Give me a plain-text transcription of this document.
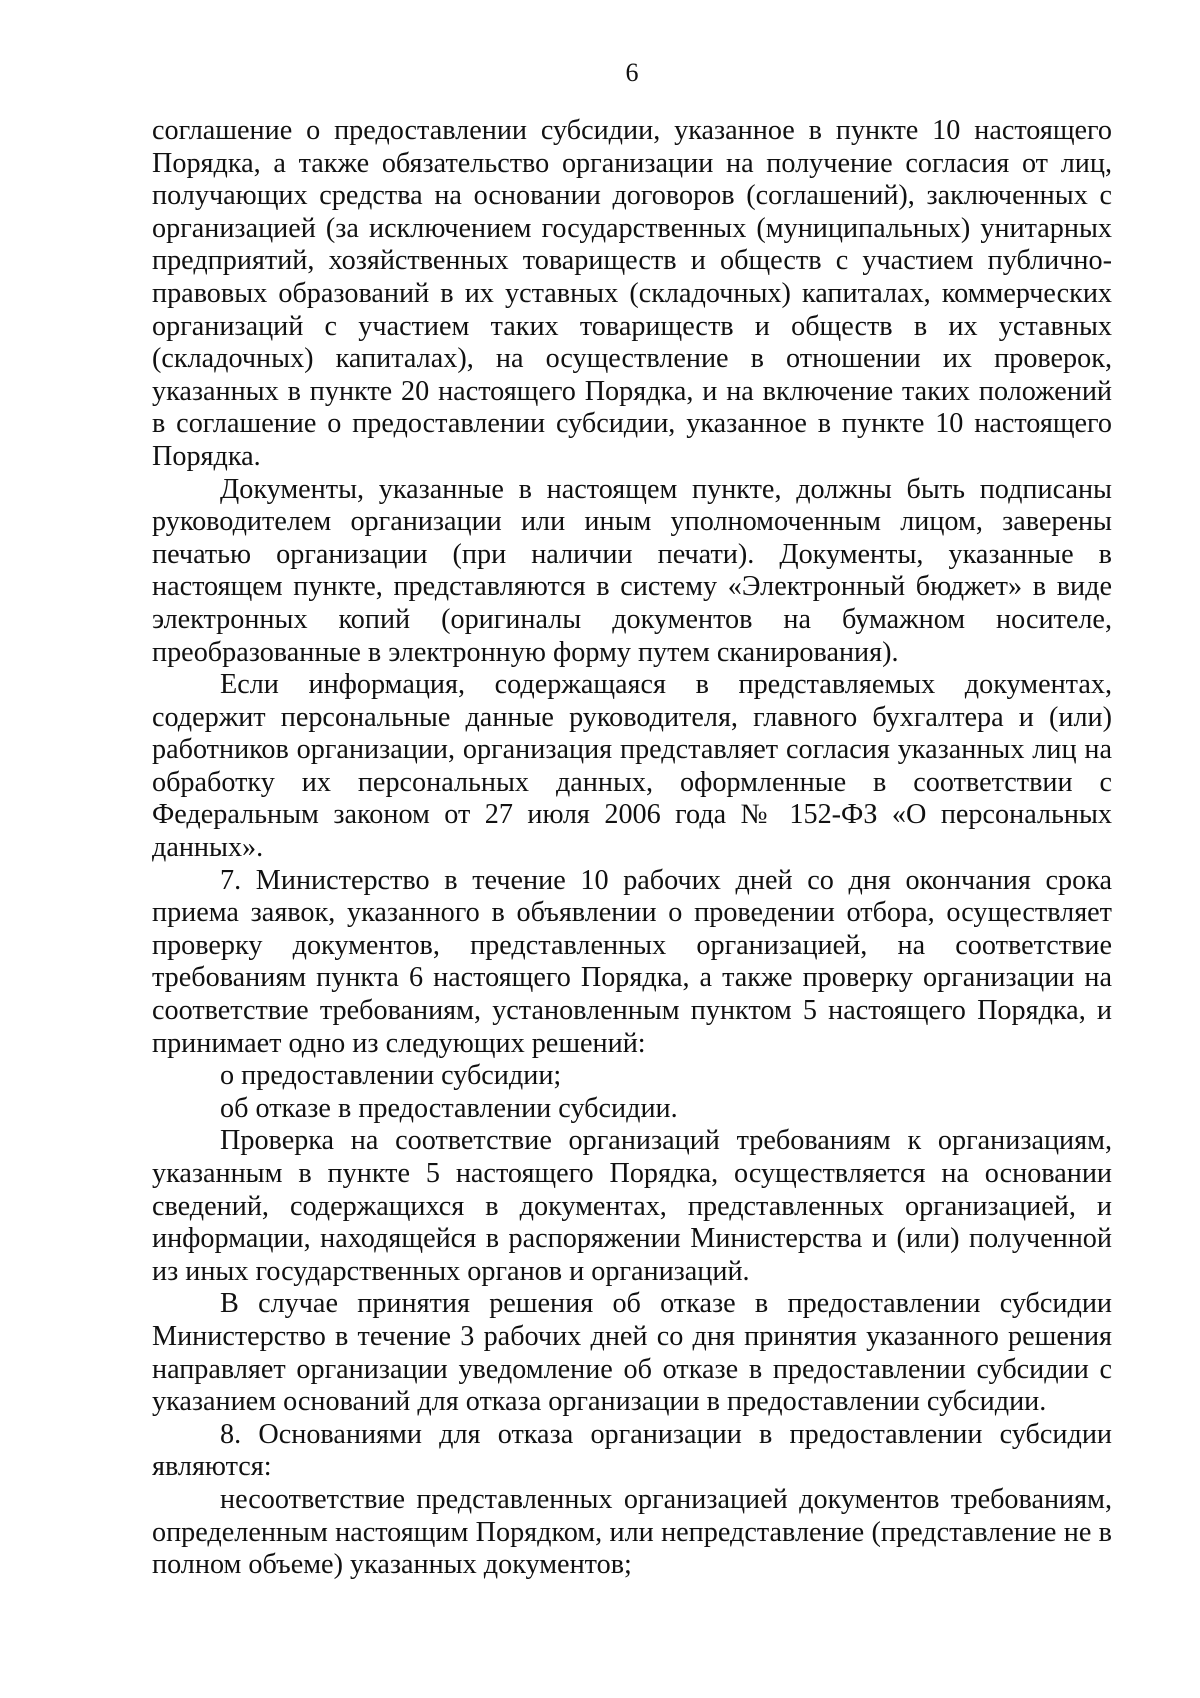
6

соглашение о предоставлении субсидии, указанное в пункте 10 настоящего Порядка, а также обязательство организации на получение согласия от лиц, получающих средства на основании договоров (соглашений), заключенных с организацией (за исключением государственных (муниципальных) унитарных предприятий, хозяйственных товариществ и обществ с участием публично-правовых образований в их уставных (складочных) капиталах, коммерческих организаций с участием таких товариществ и обществ в их уставных (складочных) капиталах), на осуществление в отношении их проверок, указанных в пункте 20 настоящего Порядка, и на включение таких положений в соглашение о предоставлении субсидии, указанное в пункте 10 настоящего Порядка.

Документы, указанные в настоящем пункте, должны быть подписаны руководителем организации или иным уполномоченным лицом, заверены печатью организации (при наличии печати). Документы, указанные в настоящем пункте, представляются в систему «Электронный бюджет» в виде электронных копий (оригиналы документов на бумажном носителе, преобразованные в электронную форму путем сканирования).

Если информация, содержащаяся в представляемых документах, содержит персональные данные руководителя, главного бухгалтера и (или) работников организации, организация представляет согласия указанных лиц на обработку их персональных данных, оформленные в соответствии с Федеральным законом от 27 июля 2006 года № 152-ФЗ «О персональных данных».

7. Министерство в течение 10 рабочих дней со дня окончания срока приема заявок, указанного в объявлении о проведении отбора, осуществляет проверку документов, представленных организацией, на соответствие требованиям пункта 6 настоящего Порядка, а также проверку организации на соответствие требованиям, установленным пунктом 5 настоящего Порядка, и принимает одно из следующих решений:

о предоставлении субсидии;

об отказе в предоставлении субсидии.

Проверка на соответствие организаций требованиям к организациям, указанным в пункте 5 настоящего Порядка, осуществляется на основании сведений, содержащихся в документах, представленных организацией, и информации, находящейся в распоряжении Министерства и (или) полученной из иных государственных органов и организаций.

В случае принятия решения об отказе в предоставлении субсидии Министерство в течение 3 рабочих дней со дня принятия указанного решения направляет организации уведомление об отказе в предоставлении субсидии с указанием оснований для отказа организации в предоставлении субсидии.

8. Основаниями для отказа организации в предоставлении субсидии являются:

несоответствие представленных организацией документов требованиям, определенным настоящим Порядком, или непредставление (представление не в полном объеме) указанных документов;
